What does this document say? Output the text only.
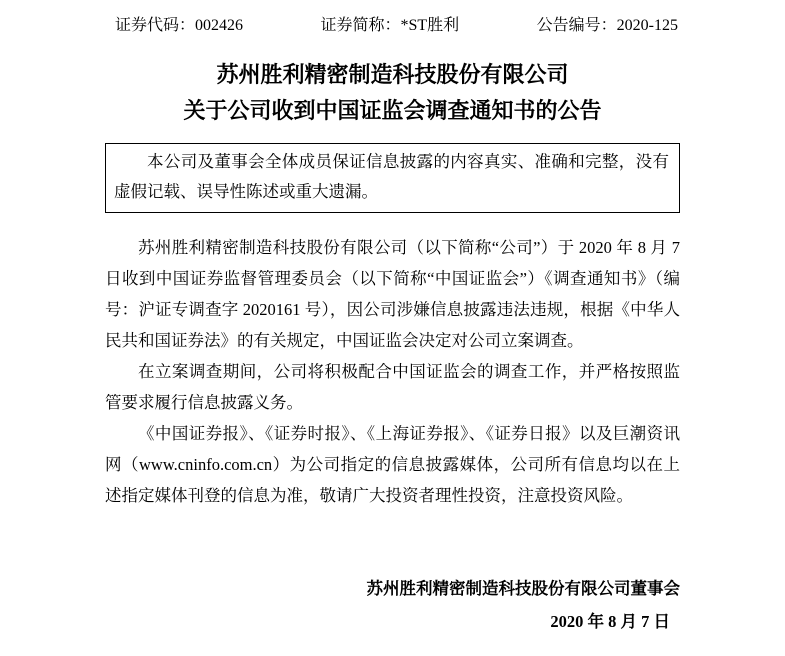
证券代码：002426	证券简称：*ST胜利	公告编号：2020-125
苏州胜利精密制造科技股份有限公司
关于公司收到中国证监会调查通知书的公告

本公司及董事会全体成员保证信息披露的内容真实、准确和完整，没有虚假记载、误导性陈述或重大遗漏。

苏州胜利精密制造科技股份有限公司（以下简称“公司”）于 2020 年 8 月 7 日收到中国证券监督管理委员会（以下简称“中国证监会”）《调查通知书》（编号：沪证专调查字 2020161 号），因公司涉嫌信息披露违法违规，根据《中华人民共和国证券法》的有关规定，中国证监会决定对公司立案调查。

在立案调查期间，公司将积极配合中国证监会的调查工作，并严格按照监管要求履行信息披露义务。

《中国证券报》、《证券时报》、《上海证券报》、《证券日报》以及巨潮资讯网（www.cninfo.com.cn）为公司指定的信息披露媒体，公司所有信息均以在上述指定媒体刊登的信息为准，敬请广大投资者理性投资，注意投资风险。

苏州胜利精密制造科技股份有限公司董事会
2020 年 8 月 7 日
